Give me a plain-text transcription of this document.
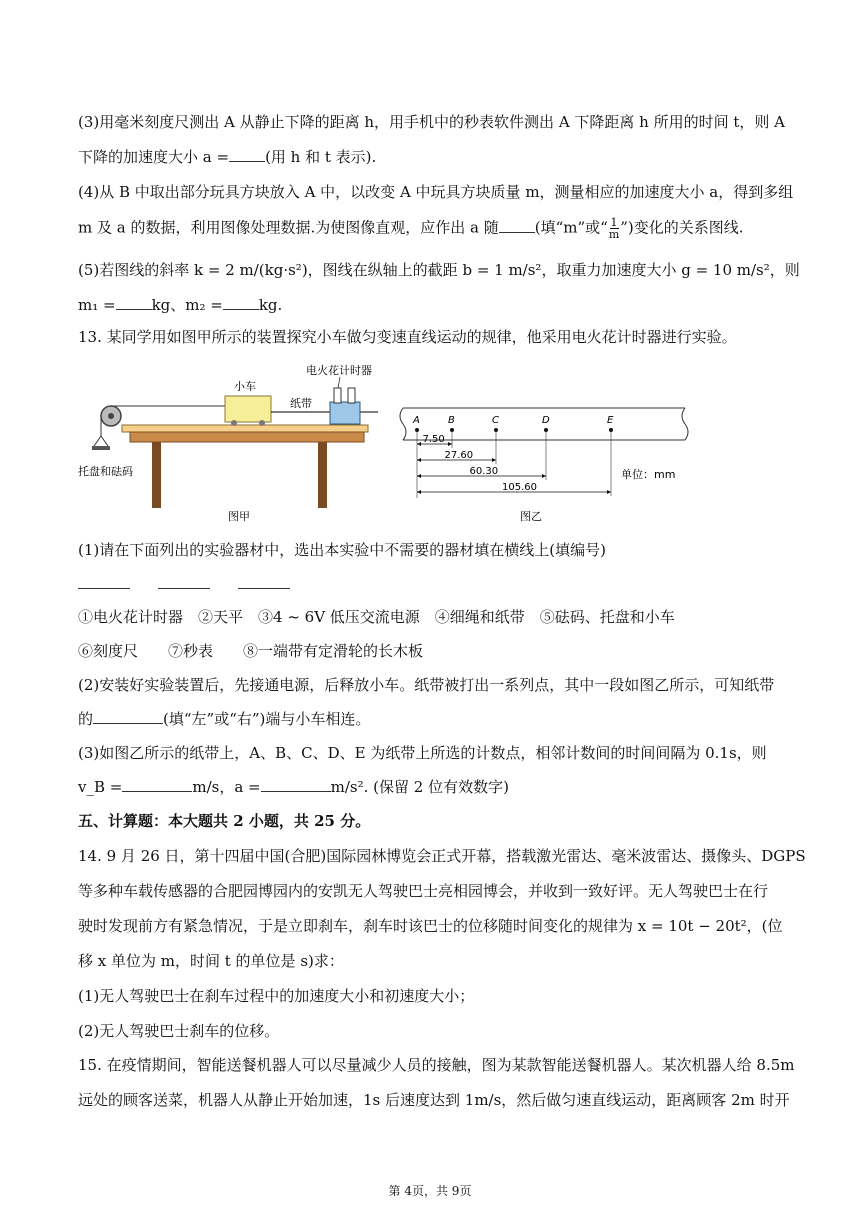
(3)用毫米刻度尺测出 A 从静止下降的距离 h，用手机中的秒表软件测出 A 下降距离 h 所用的时间 t，则 A
下降的加速度大小 a = (用 h 和 t 表示).
(4)从 B 中取出部分玩具方块放入 A 中，以改变 A 中玩具方块质量 m，测量相应的加速度大小 a，得到多组
m 及 a 的数据，利用图像处理数据.为使图像直观，应作出 a 随 (填“m”或“ $\frac{1}{m}$ ”)变化的关系图线.
(5)若图线的斜率 k = 2 m/(kg·s²)，图线在纵轴上的截距 b = 1 m/s²，取重力加速度大小 g = 10 m/s²，则
m₁ = kg、m₂ = kg.
13. 某同学用如图甲所示的装置探究小车做匀变速直线运动的规律，他采用电火花计时器进行实验。
电火花计时器
小车
纸带
托盘和砝码
图甲
A	B	C	D	E
7.50
27.60
60.30
105.60
单位：mm
图乙
(1)请在下面列出的实验器材中，选出本实验中不需要的器材填在横线上(填编号)
①电火花计时器　②天平　③4 ~ 6V 低压交流电源　④细绳和纸带　⑤砝码、托盘和小车
⑥刻度尺　　⑦秒表　　⑧一端带有定滑轮的长木板
(2)安装好实验装置后，先接通电源，后释放小车。纸带被打出一系列点，其中一段如图乙所示，可知纸带
的	(填“左”或“右”)端与小车相连。
(3)如图乙所示的纸带上，A、B、C、D、E 为纸带上所选的计数点，相邻计数间的时间间隔为 0.1s，则
v_B =	m/s，a =	m/s². (保留 2 位有效数字)
五、计算题：本大题共 2 小题，共 25 分。
14. 9 月 26 日，第十四届中国(合肥)国际园林博览会正式开幕，搭载激光雷达、毫米波雷达、摄像头、DGPS
等多种车载传感器的合肥园博园内的安凯无人驾驶巴士亮相园博会，并收到一致好评。无人驾驶巴士在行
驶时发现前方有紧急情况，于是立即刹车，刹车时该巴士的位移随时间变化的规律为 x = 10t − 20t²，(位
移 x 单位为 m，时间 t 的单位是 s)求：
(1)无人驾驶巴士在刹车过程中的加速度大小和初速度大小；
(2)无人驾驶巴士刹车的位移。
15. 在疫情期间，智能送餐机器人可以尽量减少人员的接触，图为某款智能送餐机器人。某次机器人给 8.5m
远处的顾客送菜，机器人从静止开始加速，1s 后速度达到 1m/s，然后做匀速直线运动，距离顾客 2m 时开
第 4页，共 9页
